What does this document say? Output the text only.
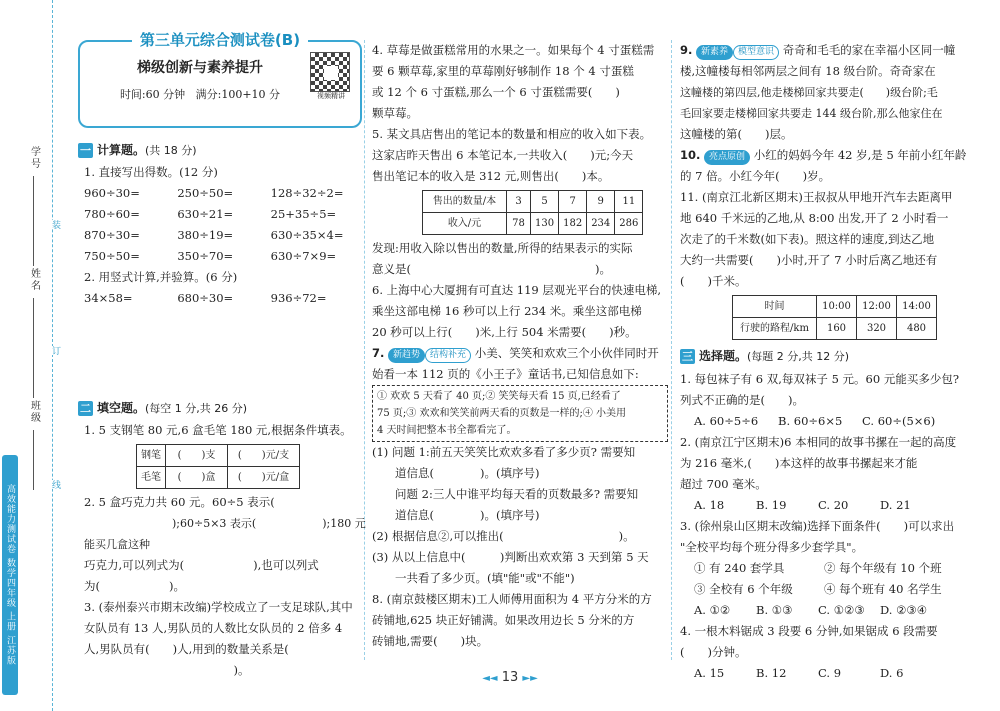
学号
姓名
班级
装
订
线
高效能力测试卷 数学四年级 上册 江苏版
第三单元综合测试卷(B)
梯级创新与素养提升
时间:60 分钟 满分:100+10 分	视频精讲
一 计算题。(共 18 分)
1. 直接写出得数。(12 分)
960÷30=	250÷50=	128÷32÷2=
780÷60=	630÷21=	25+35÷5=
870÷30=	380÷19=	630÷35×4=
750÷50=	350÷70=	630÷7×9=
2. 用竖式计算,并验算。(6 分)
34×58=	680÷30=	936÷72=
二 填空题。(每空 1 分,共 26 分)
1. 5 支钢笔 80 元,6 盒毛笔 180 元,根据条件填表。
钢笔	(　　)支	(　　)元/支
毛笔	(　　)盒	(　　)元/盒
2. 5 盒巧克力共 60 元。60÷5 表示(　　　　　
　　　　　　　　);60÷5×3 表示(　　　　　　);180 元能买几盒这种
巧克力,可以列式为(　　　　　　),也可以列式
为(　　　　　　)。
3. (泰州泰兴市期末改编)学校成立了一支足球队,其中
女队员有 13 人,男队员的人数比女队员的 2 倍多 4
人,男队员有(　　)人,用到的数量关系是(
　　　　　　　　　　　　　)。
4. 草莓是做蛋糕常用的水果之一。如果每个 4 寸蛋糕需
要 6 颗草莓,家里的草莓刚好够制作 18 个 4 寸蛋糕
或 12 个 6 寸蛋糕,那么一个 6 寸蛋糕需要(　　)
颗草莓。
5. 某文具店售出的笔记本的数量和相应的收入如下表。
这家店昨天售出 6 本笔记本,一共收入(　　)元;今天
售出笔记本的收入是 312 元,则售出(　　)本。
售出的数量/本	3	5	7	9	11
收入/元	78	130	182	234	286
发现:用收入除以售出的数量,所得的结果表示的实际
意义是(　　　　　　　　　　　　　　　　)。
6. 上海中心大厦拥有可直达 119 层观光平台的快速电梯,
乘坐这部电梯 16 秒可以上行 234 米。乘坐这部电梯
20 秒可以上行(　　)米,上行 504 米需要(　　)秒。
7. 新趋势 结构补充 小美、笑笑和欢欢三个小伙伴同时开
始看一本 112 页的《小王子》童话书,已知信息如下:
① 欢欢 5 天看了 40 页;② 笑笑每天看 15 页,已经看了
75 页;③ 欢欢和笑笑前两天看的页数是一样的;④ 小美用
4 天时间把整本书全都看完了。
(1) 问题 1:前五天笑笑比欢欢多看了多少页? 需要知
　　道信息(　　　　)。(填序号)
　　问题 2:三人中谁平均每天看的页数最多? 需要知
　　道信息(　　　　)。(填序号)
(2) 根据信息②,可以推出(　　　　　　　　　　)。
(3) 从以上信息中(　　　)判断出欢欢第 3 天到第 5 天
　　一共看了多少页。(填"能"或"不能")
8. (南京鼓楼区期末)工人师傅用面积为 4 平方分米的方
砖铺地,625 块正好铺满。如果改用边长 5 分米的方
砖铺地,需要(　　)块。
9. 新素养 模型意识 奇奇和毛毛的家在幸福小区同一幢
楼,这幢楼每相邻两层之间有 18 级台阶。奇奇家在
这幢楼的第四层,他走楼梯回家共要走(　　)级台阶;毛
毛回家要走楼梯回家共要走 144 级台阶,那么他家住在
这幢楼的第(　　)层。
10. 亮点原创 小红的妈妈今年 42 岁,是 5 年前小红年龄
的 7 倍。小红今年(　　)岁。
11. (南京江北新区期末)王叔叔从甲地开汽车去距离甲
地 640 千米远的乙地,从 8:00 出发,开了 2 小时看一
次走了的千米数(如下表)。照这样的速度,到达乙地
大约一共需要(　　)小时,开了 7 小时后离乙地还有
(　　)千米。
时间	10:00	12:00	14:00
行驶的路程/km	160	320	480
三 选择题。(每题 2 分,共 12 分)
1. 每包袜子有 6 双,每双袜子 5 元。60 元能买多少包?
列式不正确的是(　　)。
A. 60÷5÷6	B. 60÷6×5	C. 60÷(5×6)
2. (南京江宁区期末)6 本相同的故事书摞在一起的高度
为 216 毫米,(　　)本这样的故事书摞起来才能
超过 700 毫米。
A. 18	B. 19	C. 20	D. 21
3. (徐州泉山区期末改编)选择下面条件(　　)可以求出
"全校平均每个班分得多少套学具"。
① 有 240 套学具	② 每个年级有 10 个班
③ 全校有 6 个年级	④ 每个班有 40 名学生
A. ①②	B. ①③	C. ①②③	D. ②③④
4. 一根木料锯成 3 段要 6 分钟,如果锯成 6 段需要
(　　)分钟。
A. 15	B. 12	C. 9	D. 6
◄◄ 13 ►►
